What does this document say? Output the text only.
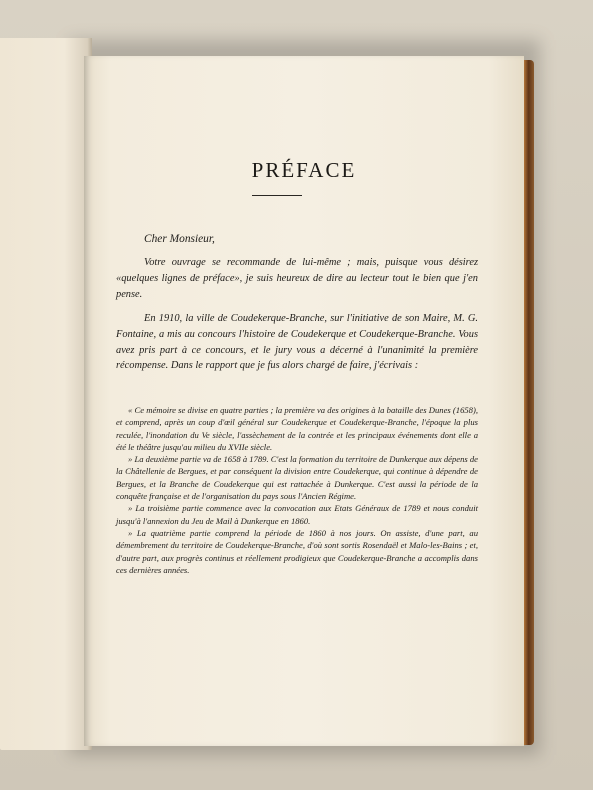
PRÉFACE
Cher Monsieur,
Votre ouvrage se recommande de lui-même ; mais, puisque vous désirez «quelques lignes de préface», je suis heureux de dire au lecteur tout le bien que j'en pense.
En 1910, la ville de Coudekerque-Branche, sur l'initiative de son Maire, M. G. Fontaine, a mis au concours l'histoire de Coudekerque et Coudekerque-Branche. Vous avez pris part à ce concours, et le jury vous a décerné à l'unanimité la première récompense. Dans le rapport que je fus alors chargé de faire, j'écrivais :

« Ce mémoire se divise en quatre parties ; la première va des origines à la bataille des Dunes (1658), et comprend, après un coup d'œil général sur Coudekerque et Coudekerque-Branche, l'époque la plus reculée, l'inondation du Ve siècle, l'assèchement de la contrée et les principaux événements dont elle a été le théâtre jusqu'au milieu du XVIIe siècle.

» La deuxième partie va de 1658 à 1789. C'est la formation du territoire de Dunkerque aux dépens de la Châtellenie de Bergues, et par conséquent la division entre Coudekerque, qui continue à dépendre de Bergues, et la Branche de Coudekerque qui est rattachée à Dunkerque. C'est aussi la période de la conquête française et de l'organisation du pays sous l'Ancien Régime.

» La troisième partie commence avec la convocation aux Etats Généraux de 1789 et nous conduit jusqu'à l'annexion du Jeu de Mail à Dunkerque en 1860.

» La quatrième partie comprend la période de 1860 à nos jours. On assiste, d'une part, au démembrement du territoire de Coudekerque-Branche, d'où sont sortis Rosendaël et Malo-les-Bains ; et, d'autre part, aux progrès continus et réellement prodigieux que Coudekerque-Branche a accomplis dans ces dernières années.
